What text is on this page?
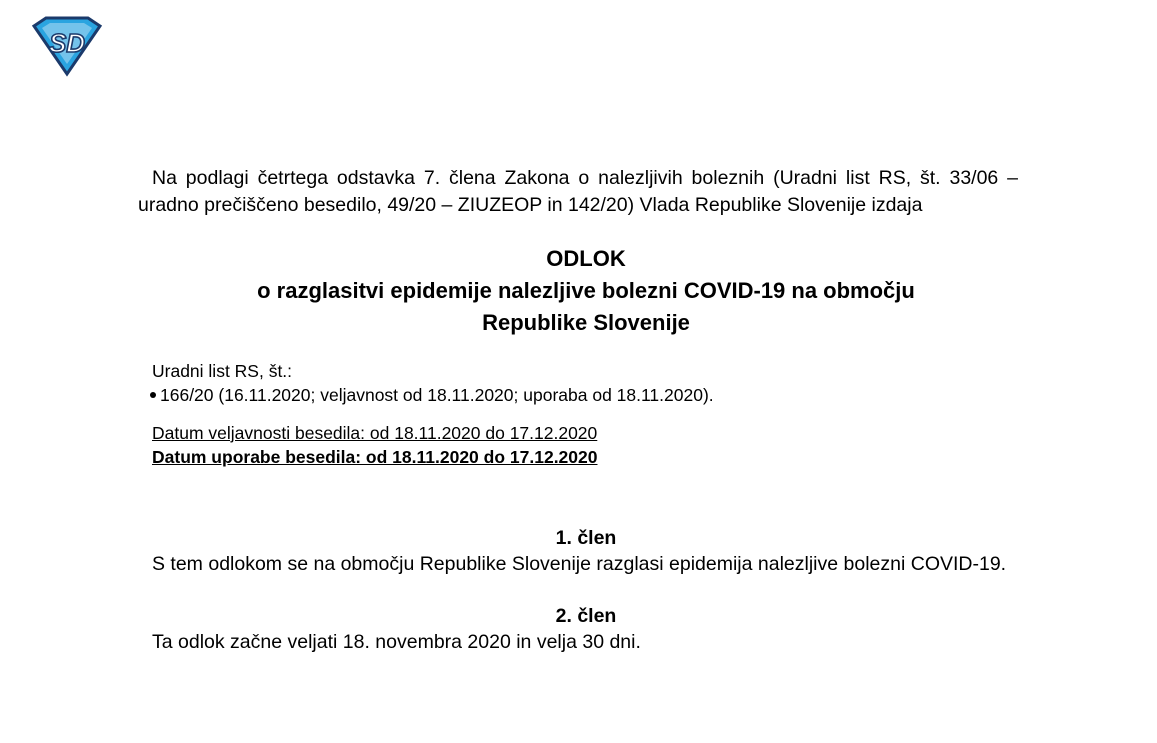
SD

Na podlagi četrtega odstavka 7. člena Zakona o nalezljivih boleznih (Uradni list RS, št. 33/06 – uradno prečiščeno besedilo, 49/20 – ZIUZEOP in 142/20) Vlada Republike Slovenije izdaja

ODLOK
o razglasitvi epidemije nalezljive bolezni COVID-19 na območju
Republike Slovenije
Uradni list RS, št.:
166/20 (16.11.2020; veljavnost od 18.11.2020; uporaba od 18.11.2020).
Datum veljavnosti besedila: od 18.11.2020 do 17.12.2020
Datum uporabe besedila: od 18.11.2020 do 17.12.2020
1. člen

S tem odlokom se na območju Republike Slovenije razglasi epidemija nalezljive bolezni COVID-19.

2. člen

Ta odlok začne veljati 18. novembra 2020 in velja 30 dni.
